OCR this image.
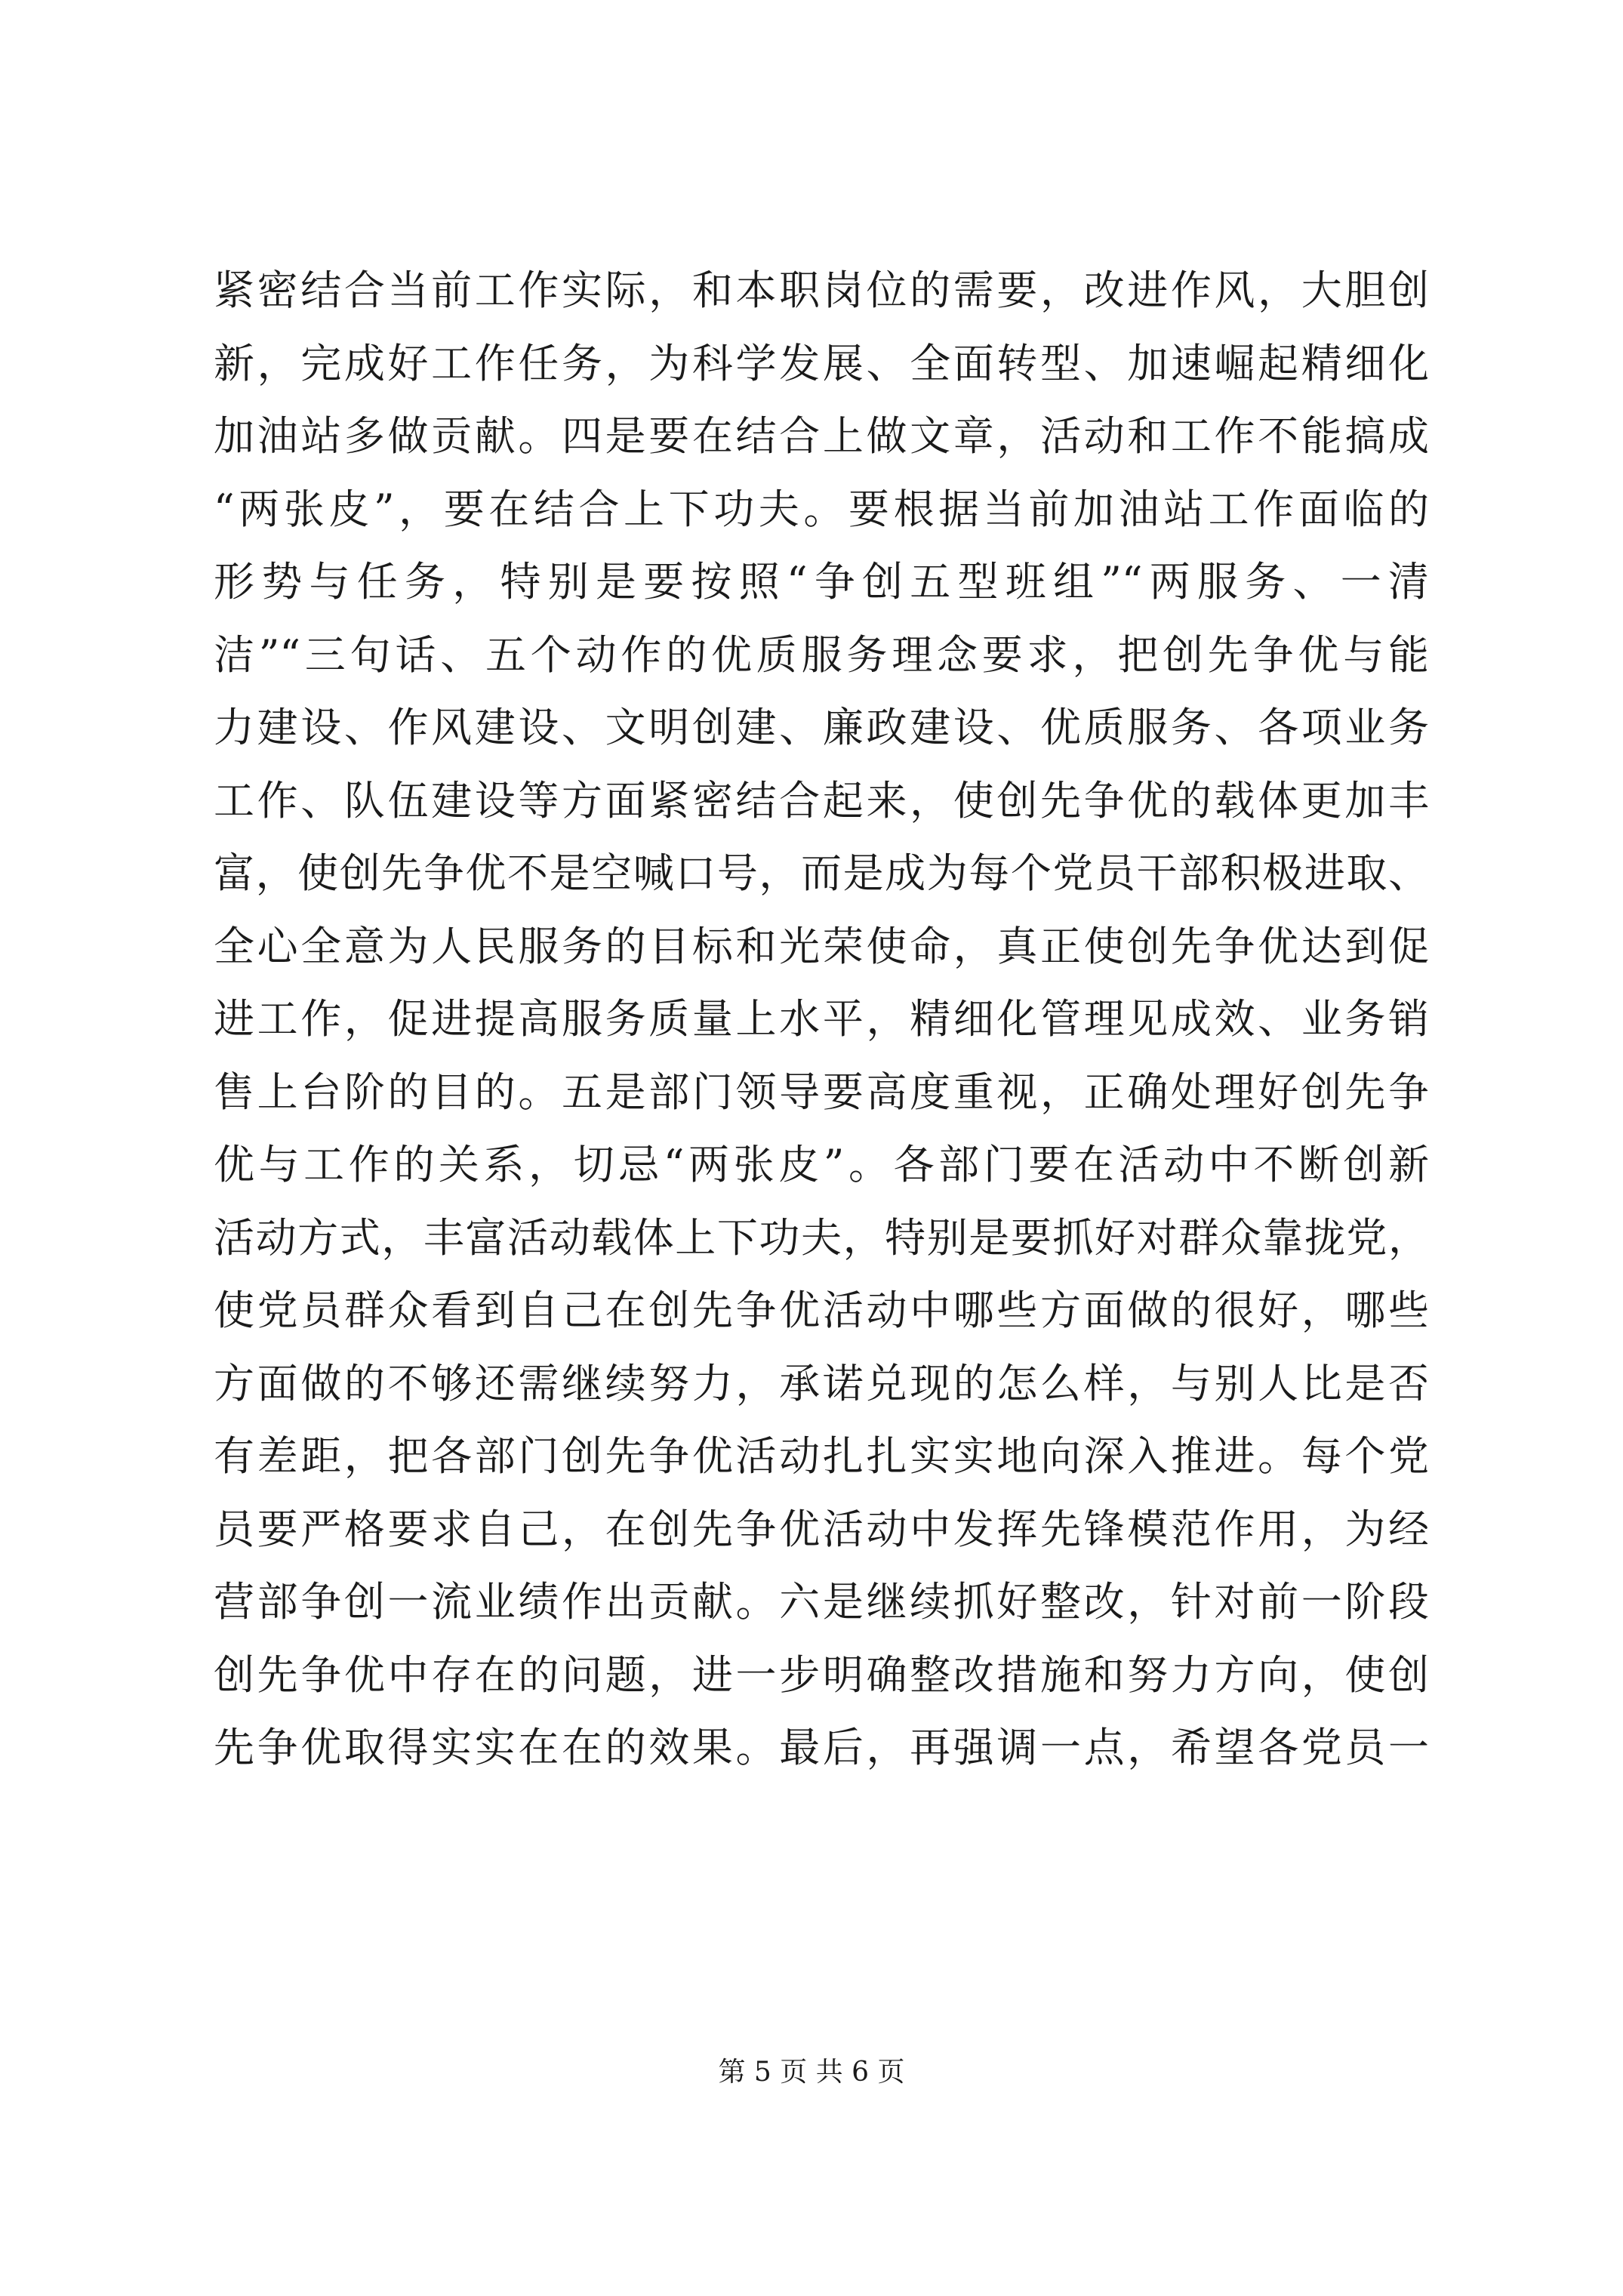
紧密结合当前工作实际，和本职岗位的需要，改进作风，大胆创
新，完成好工作任务，为科学发展、全面转型、加速崛起精细化
加油站多做贡献。四是要在结合上做文章，活动和工作不能搞成
“两张皮”，要在结合上下功夫。要根据当前加油站工作面临的
形势与任务，特别是要按照“争创五型班组”“两服务、一清
洁”“三句话、五个动作的优质服务理念要求，把创先争优与能
力建设、作风建设、文明创建、廉政建设、优质服务、各项业务
工作、队伍建设等方面紧密结合起来，使创先争优的载体更加丰
富，使创先争优不是空喊口号，而是成为每个党员干部积极进取、
全心全意为人民服务的目标和光荣使命，真正使创先争优达到促
进工作，促进提高服务质量上水平，精细化管理见成效、业务销
售上台阶的目的。五是部门领导要高度重视，正确处理好创先争
优与工作的关系，切忌“两张皮”。各部门要在活动中不断创新
活动方式，丰富活动载体上下功夫，特别是要抓好对群众靠拢党，
使党员群众看到自己在创先争优活动中哪些方面做的很好，哪些
方面做的不够还需继续努力，承诺兑现的怎么样，与别人比是否
有差距，把各部门创先争优活动扎扎实实地向深入推进。每个党
员要严格要求自己，在创先争优活动中发挥先锋模范作用，为经
营部争创一流业绩作出贡献。六是继续抓好整改，针对前一阶段
创先争优中存在的问题，进一步明确整改措施和努力方向，使创
先争优取得实实在在的效果。最后，再强调一点，希望各党员一
第 5 页 共 6 页
